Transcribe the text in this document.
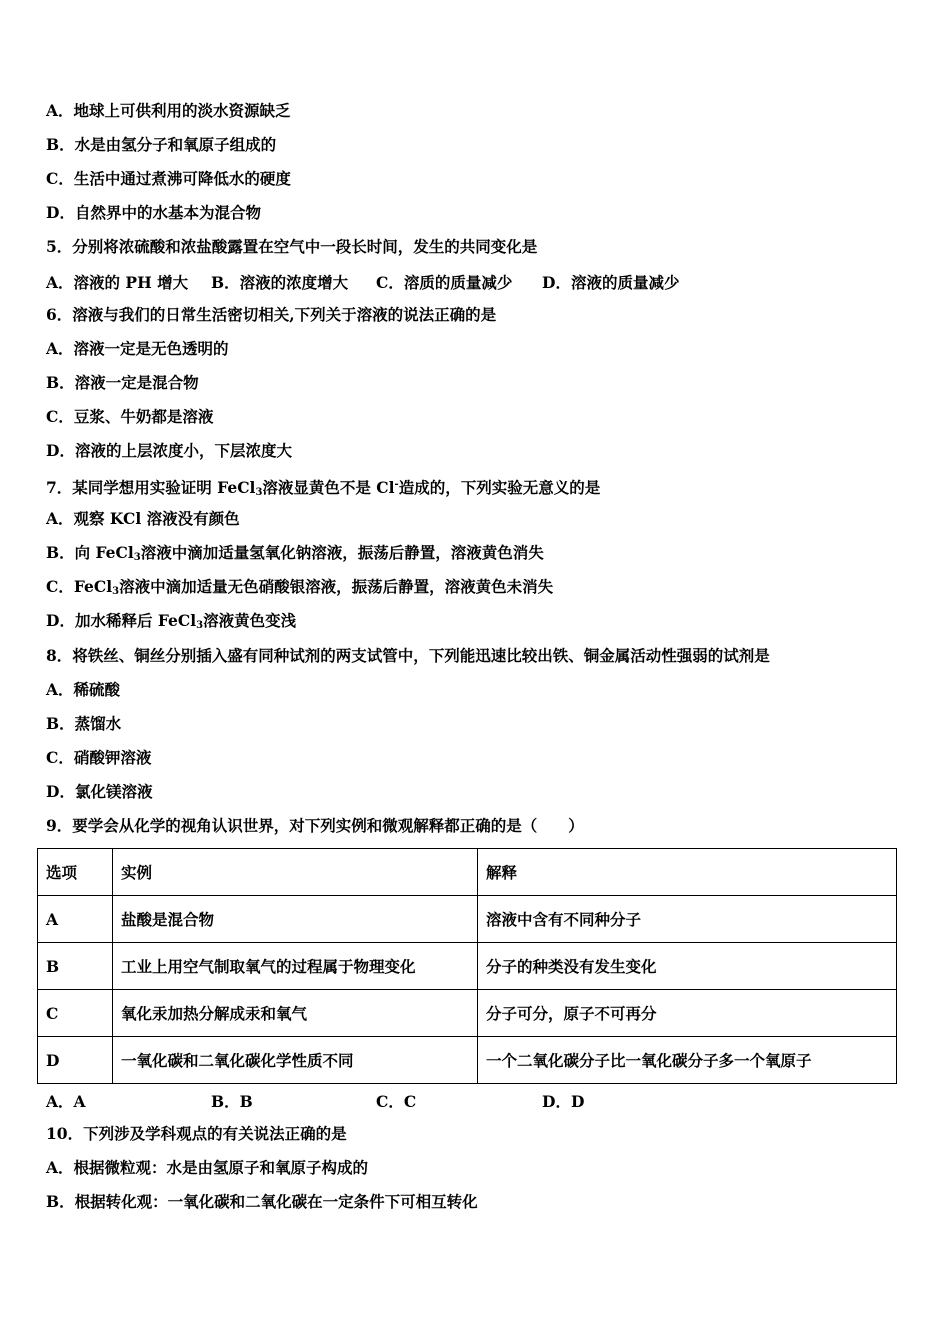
A．地球上可供利用的淡水资源缺乏
B．水是由氢分子和氧原子组成的
C．生活中通过煮沸可降低水的硬度
D．自然界中的水基本为混合物
5．分别将浓硫酸和浓盐酸露置在空气中一段长时间，发生的共同变化是
A．溶液的 PH 增大 B．溶液的浓度增大 C．溶质的质量减少 D．溶液的质量减少
6．溶液与我们的日常生活密切相关,下列关于溶液的说法正确的是
A．溶液一定是无色透明的
B．溶液一定是混合物
C．豆浆、牛奶都是溶液
D．溶液的上层浓度小，下层浓度大
7．某同学想用实验证明 FeCl$_3$溶液显黄色不是 Cl-造成的，下列实验无意义的是
A．观察 KCl 溶液没有颜色
B．向 FeCl$_3$溶液中滴加适量氢氧化钠溶液，振荡后静置，溶液黄色消失
C．FeCl$_3$溶液中滴加适量无色硝酸银溶液，振荡后静置，溶液黄色未消失
D．加水稀释后 FeCl$_3$溶液黄色变浅
8．将铁丝、铜丝分别插入盛有同种试剂的两支试管中，下列能迅速比较出铁、铜金属活动性强弱的试剂是
A．稀硫酸
B．蒸馏水
C．硝酸钾溶液
D．氯化镁溶液
9．要学会从化学的视角认识世界，对下列实例和微观解释都正确的是（　　）
选项	实例	解释
A	盐酸是混合物	溶液中含有不同种分子
B	工业上用空气制取氧气的过程属于物理变化	分子的种类没有发生变化
C	氧化汞加热分解成汞和氧气	分子可分，原子不可再分
D	一氧化碳和二氧化碳化学性质不同	一个二氧化碳分子比一氧化碳分子多一个氧原子
A．A	B．B	C．C	D．D
10．下列涉及学科观点的有关说法正确的是
A．根据微粒观：水是由氢原子和氧原子构成的
B．根据转化观：一氧化碳和二氧化碳在一定条件下可相互转化
